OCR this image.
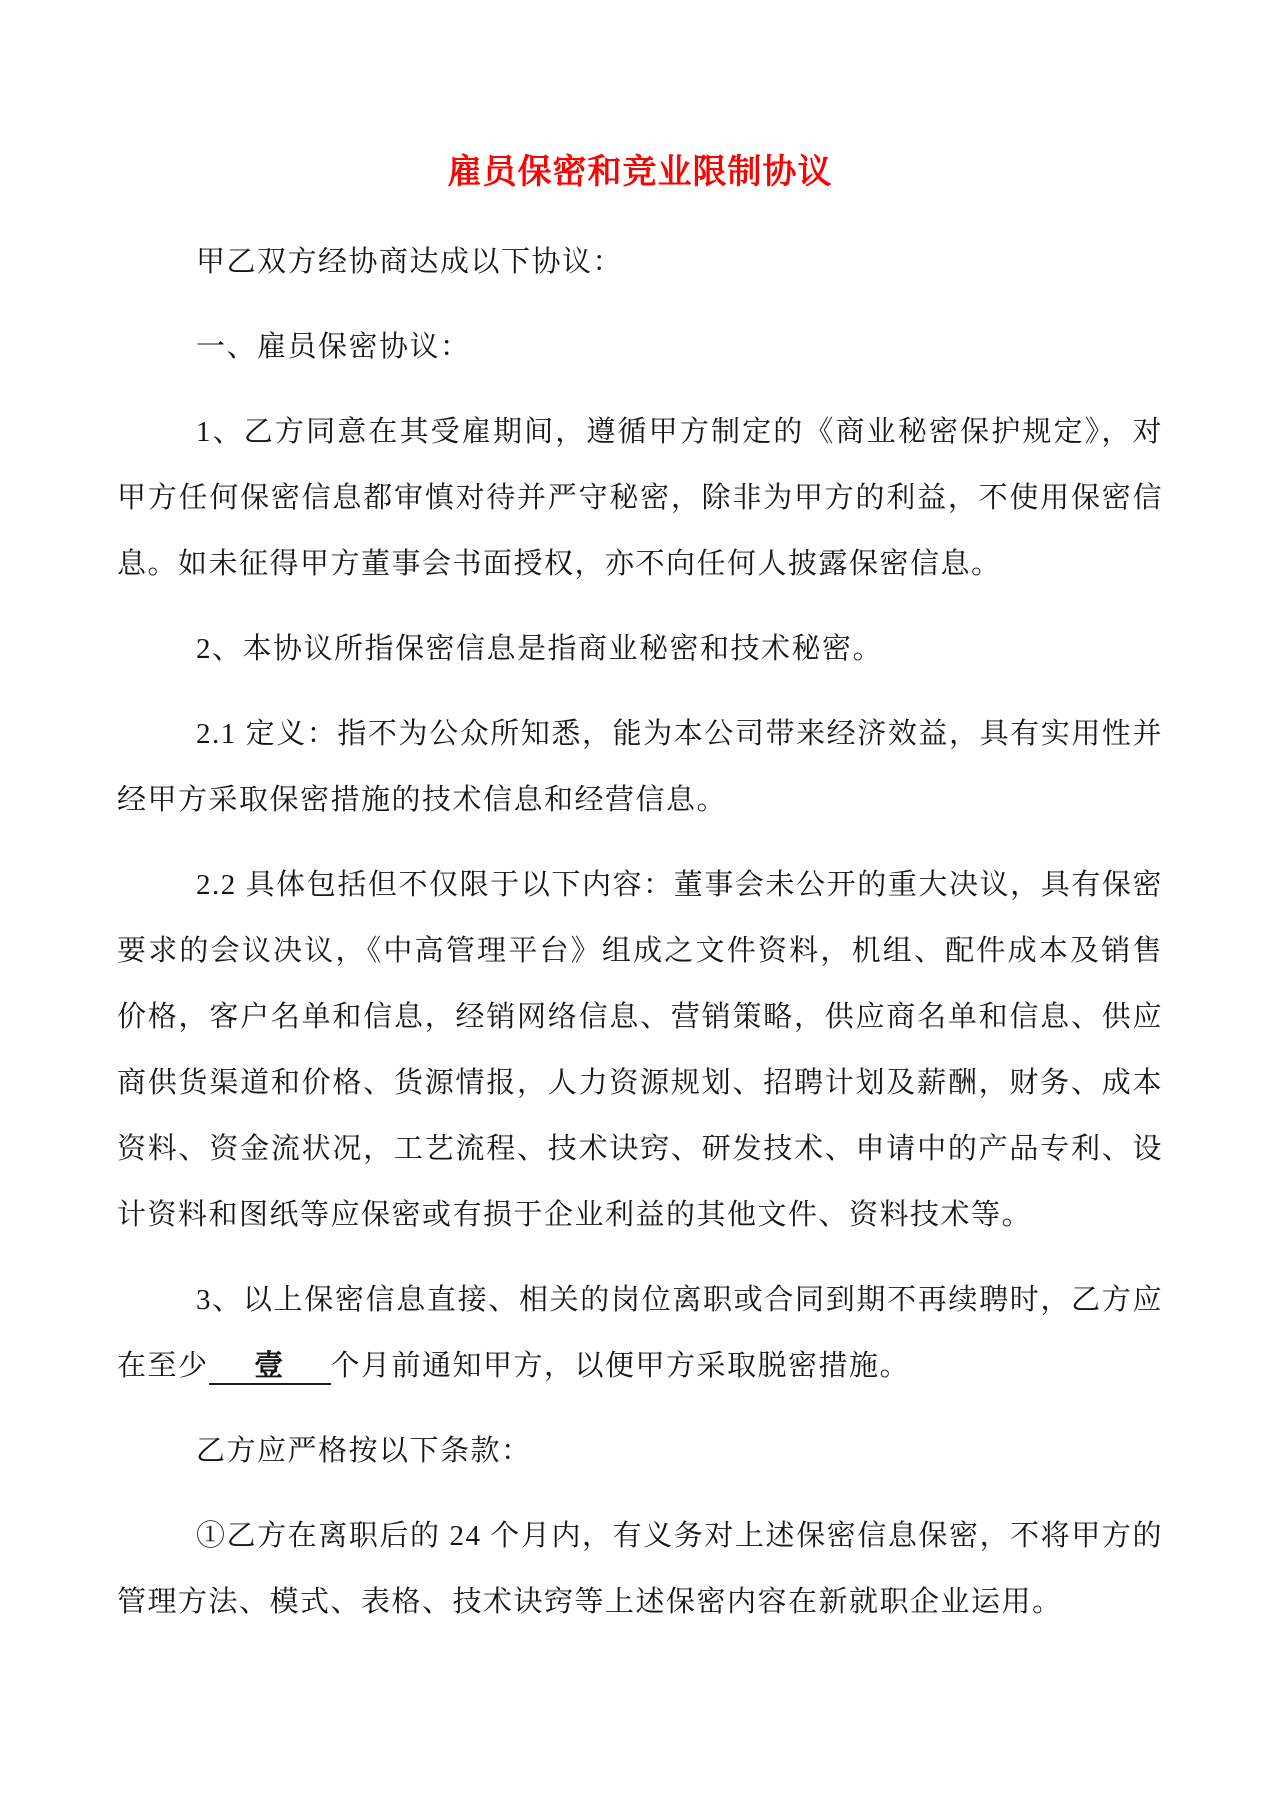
雇员保密和竞业限制协议

甲乙双方经协商达成以下协议：

一、雇员保密协议：

1、乙方同意在其受雇期间，遵循甲方制定的《商业秘密保护规定》，对甲方任何保密信息都审慎对待并严守秘密，除非为甲方的利益，不使用保密信息。如未征得甲方董事会书面授权，亦不向任何人披露保密信息。

2、本协议所指保密信息是指商业秘密和技术秘密。

2.1 定义：指不为公众所知悉，能为本公司带来经济效益，具有实用性并经甲方采取保密措施的技术信息和经营信息。

2.2 具体包括但不仅限于以下内容：董事会未公开的重大决议，具有保密要求的会议决议，《中高管理平台》组成之文件资料，机组、配件成本及销售价格，客户名单和信息，经销网络信息、营销策略，供应商名单和信息、供应商供货渠道和价格、货源情报，人力资源规划、招聘计划及薪酬，财务、成本资料、资金流状况，工艺流程、技术诀窍、研发技术、申请中的产品专利、设计资料和图纸等应保密或有损于企业利益的其他文件、资料技术等。

3、以上保密信息直接、相关的岗位离职或合同到期不再续聘时，乙方应在至少 壹 个月前通知甲方，以便甲方采取脱密措施。

乙方应严格按以下条款：

①乙方在离职后的 24 个月内，有义务对上述保密信息保密，不将甲方的管理方法、模式、表格、技术诀窍等上述保密内容在新就职企业运用。
